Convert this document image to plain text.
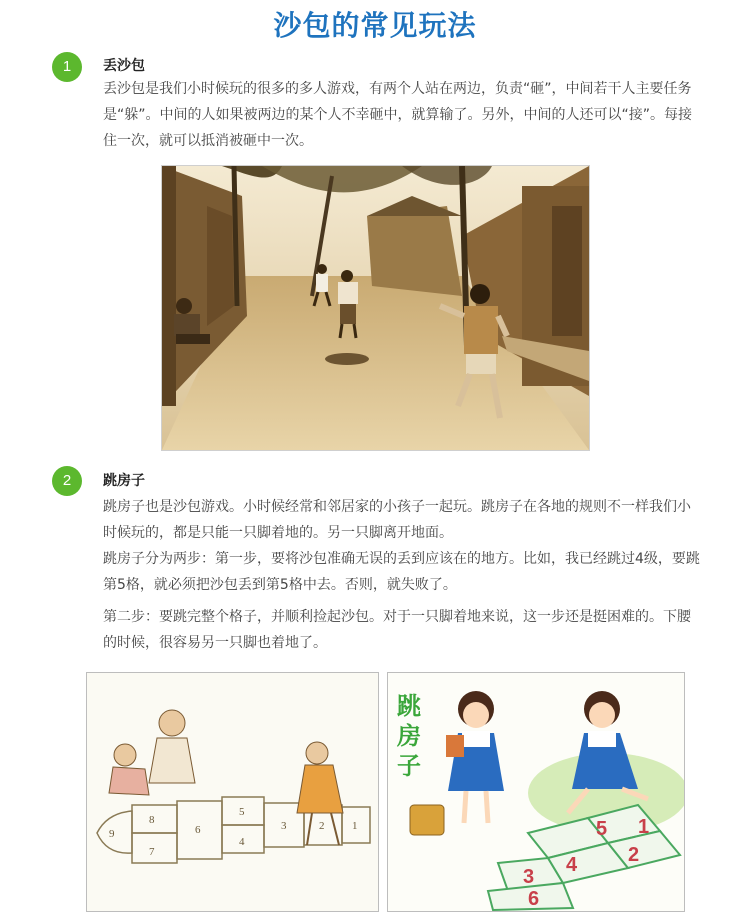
沙包的常见玩法
1	丢沙包
丢沙包是我们小时候玩的很多的多人游戏，有两个人站在两边，负责“砸”，中间若干人主要任务是“躲”。中间的人如果被两边的某个人不幸砸中，就算输了。另外，中间的人还可以“接”。每接住一次，就可以抵消被砸中一次。
2	跳房子
跳房子也是沙包游戏。小时候经常和邻居家的小孩子一起玩。跳房子在各地的规则不一样我们小时候玩的，都是只能一只脚着地的。另一只脚离开地面。
跳房子分为两步：第一步，要将沙包准确无误的丢到应该在的地方。比如，我已经跳过4级，要跳第5格，就必须把沙包丢到第5格中去。否则，就失败了。
第二步：要跳完整个格子，并顺利捡起沙包。对于一只脚着地来说，这一步还是挺困难的。下腰的时候，很容易另一只脚也着地了。
9
7
8
6
4
5
3	2	1	1
2
3
4
5
6
跳房子
